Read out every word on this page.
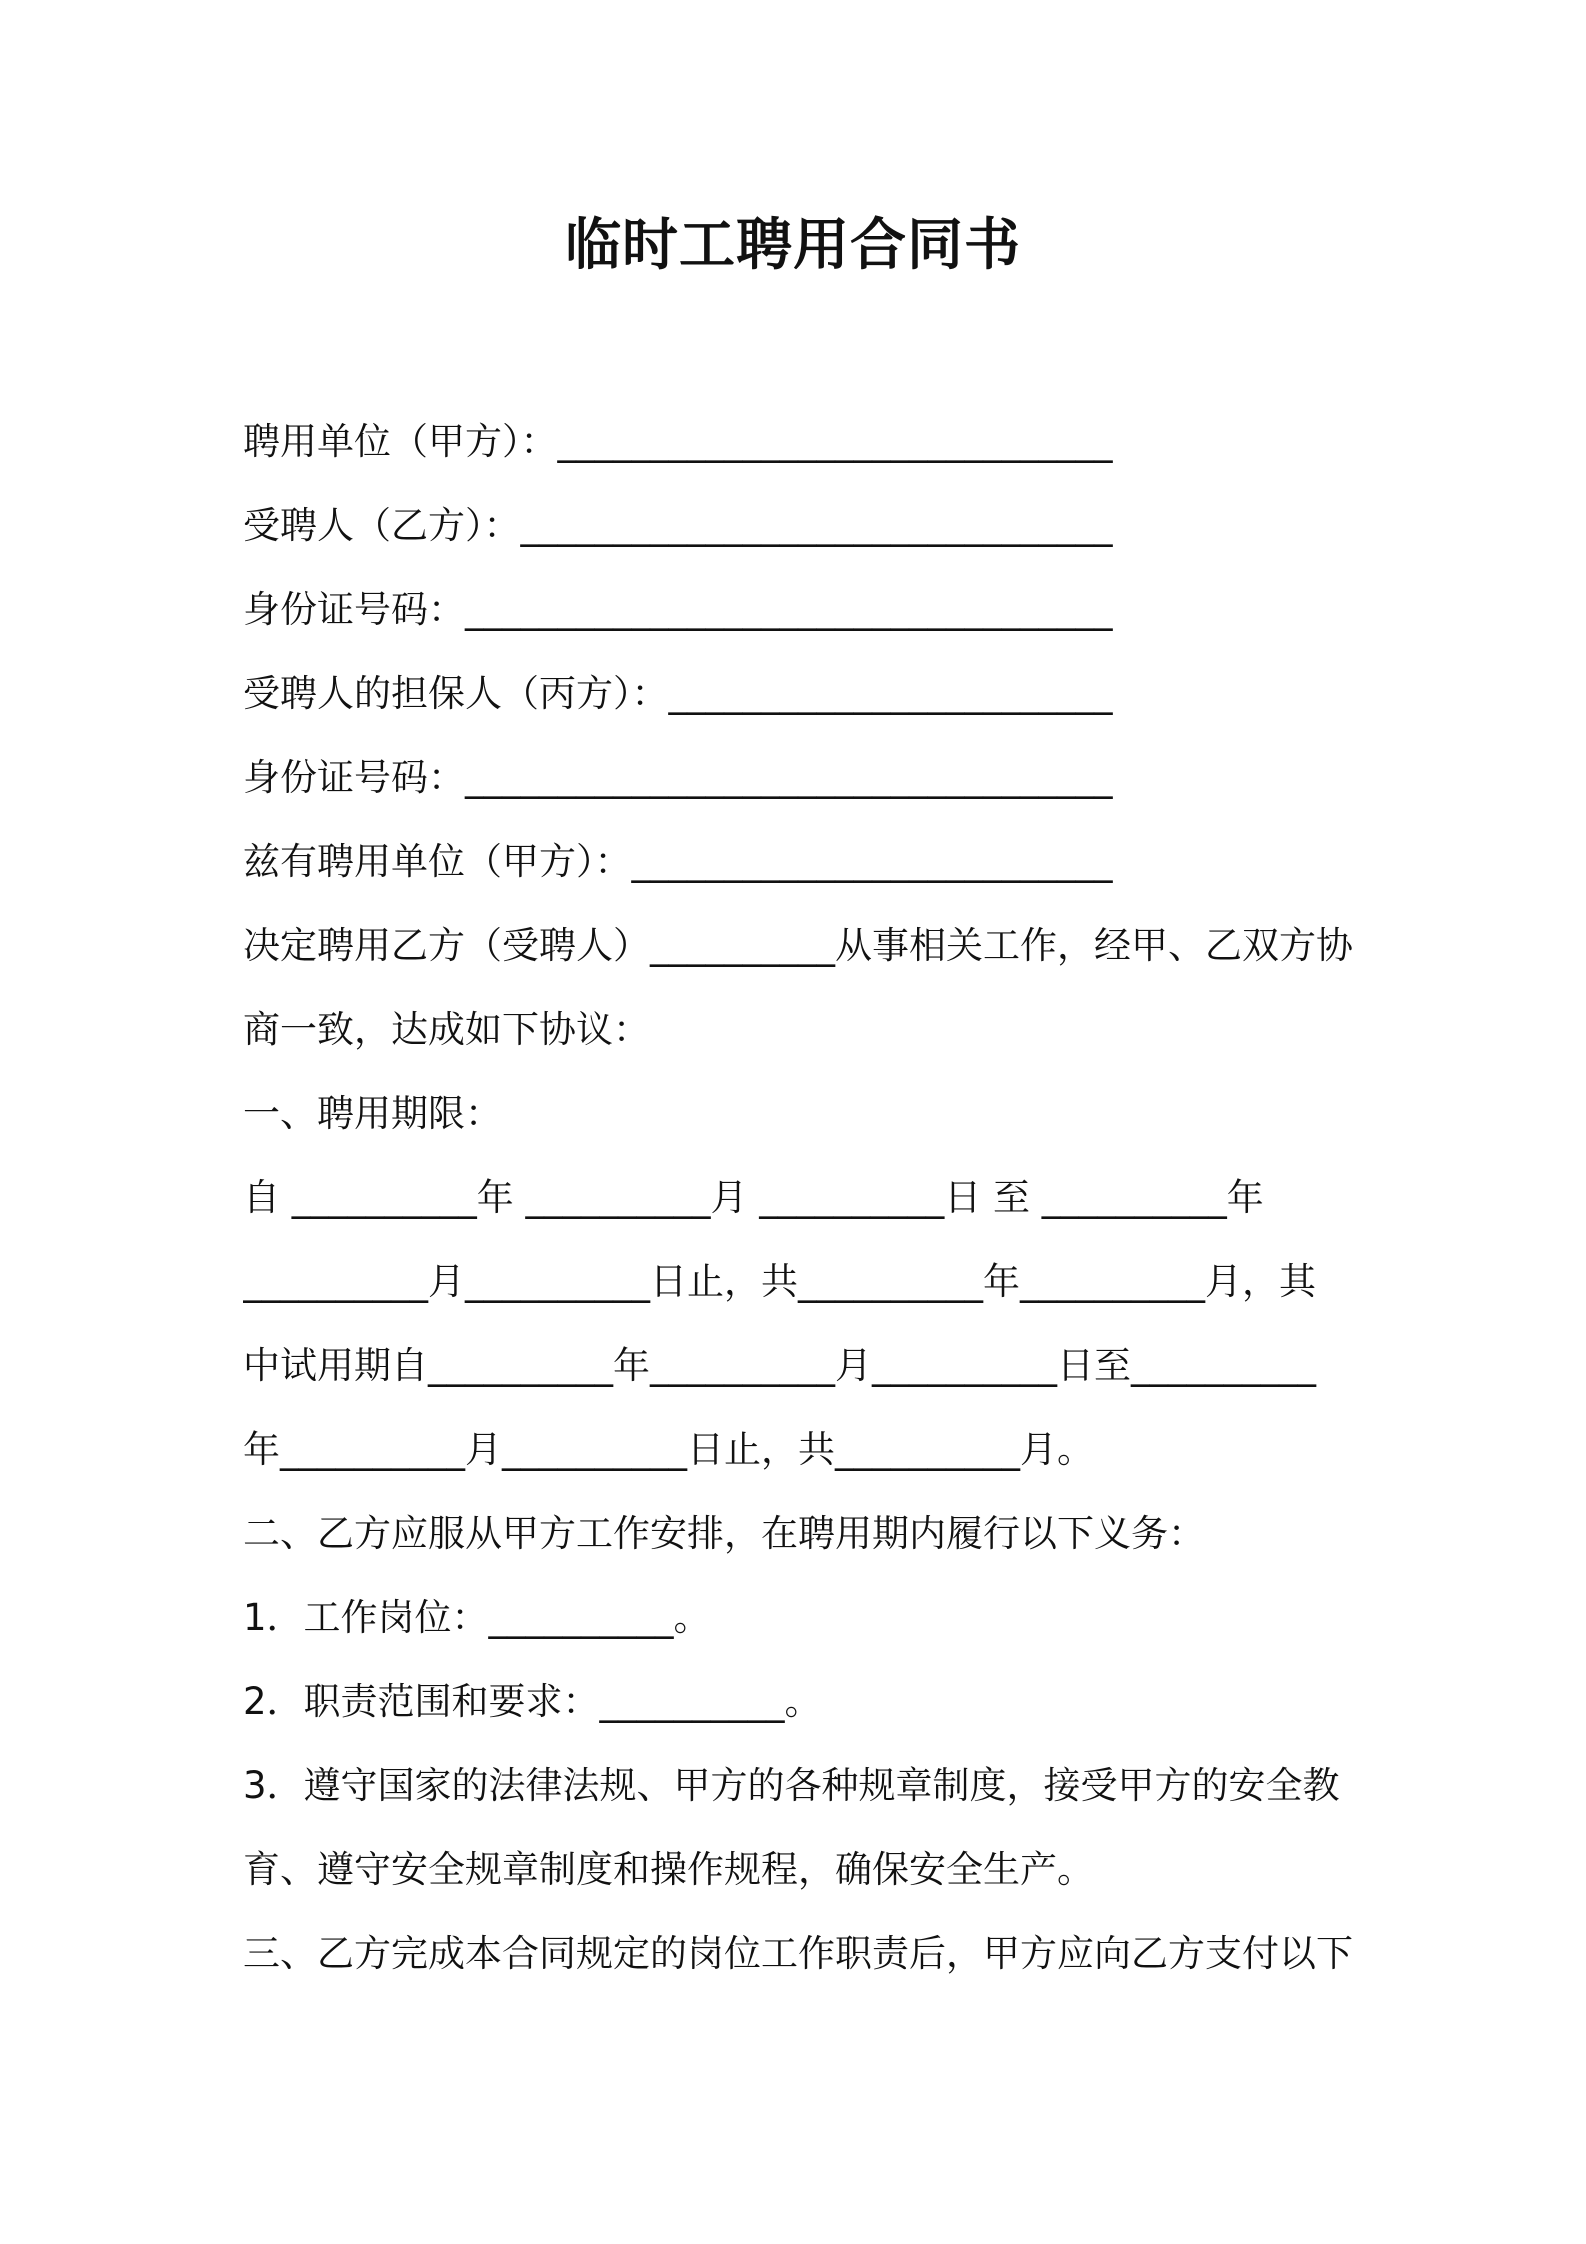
临时工聘用合同书
聘用单位（甲方）：______________________________
受聘人（乙方）：________________________________
身份证号码：___________________________________
受聘人的担保人（丙方）：________________________
身份证号码：___________________________________
兹有聘用单位（甲方）：__________________________
决定聘用乙方（受聘人）__________从事相关工作，经甲、乙双方协
商一致，达成如下协议：
一、聘用期限：
自 __________年 __________月 __________日 至 __________年
__________月__________日止，共__________年__________月，其
中试用期自__________年__________月__________日至__________
年__________月__________日止，共__________月。
二、乙方应服从甲方工作安排，在聘用期内履行以下义务：
1．工作岗位：__________。
2．职责范围和要求：__________。
3．遵守国家的法律法规、甲方的各种规章制度，接受甲方的安全教
育、遵守安全规章制度和操作规程，确保安全生产。
三、乙方完成本合同规定的岗位工作职责后，甲方应向乙方支付以下
